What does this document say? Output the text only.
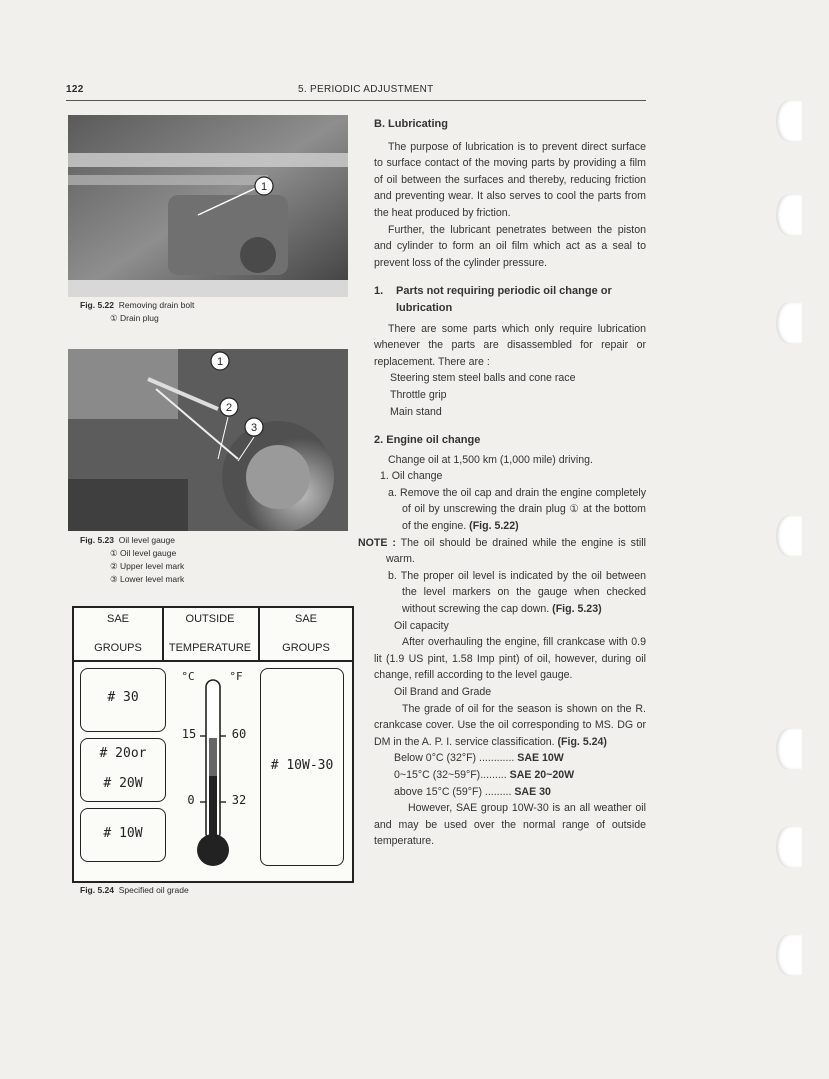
122	5. PERIODIC ADJUSTMENT
1
Fig. 5.22 Removing drain bolt
① Drain plug
1
2
3
Fig. 5.23 Oil level gauge
① Oil level gauge
② Upper level mark
③ Lower level mark
SAE
GROUPS
OUTSIDE
TEMPERATURE
SAE
GROUPS
# 30
# 20or
# 20W
# 10W
# 10W-30
°C	°F
15	60
0	32
Fig. 5.24 Specified oil grade
B. Lubricating

The purpose of lubrication is to prevent direct surface to surface contact of the moving parts by providing a film of oil between the surfaces and thereby, reducing friction and preventing wear. It also serves to cool the parts from the heat produced by friction.

Further, the lubricant penetrates between the piston and cylinder to form an oil film which act as a seal to prevent loss of the cylinder pressure.

1.	Parts not requiring periodic oil change or lubrication

There are some parts which only require lubrication whenever the parts are disassembled for repair or replacement. There are :

Steering stem steel balls and cone race
Throttle grip
Main stand
2. Engine oil change
Change oil at 1,500 km (1,000 mile) driving.
1. Oil change

a. Remove the oil cap and drain the engine completely of oil by unscrewing the drain plug ① at the bottom of the engine. (Fig. 5.22)

NOTE : The oil should be drained while the engine is still warm.

b. The proper oil level is indicated by the oil between the level markers on the gauge when checked without screwing the cap down. (Fig. 5.23)

Oil capacity

After overhauling the engine, fill crankcase with 0.9 lit (1.9 US pint, 1.58 Imp pint) of oil, however, during oil change, refill according to the level gauge.

Oil Brand and Grade

The grade of oil for the season is shown on the R. crankcase cover. Use the oil corresponding to MS. DG or DM in the A. P. I. service classification. (Fig. 5.24)

Below 0°C (32°F) ............ SAE 10W
0~15°C (32~59°F)......... SAE 20~20W
above 15°C (59°F) ......... SAE 30

However, SAE group 10W-30 is an all weather oil and may be used over the normal range of outside temperature.
